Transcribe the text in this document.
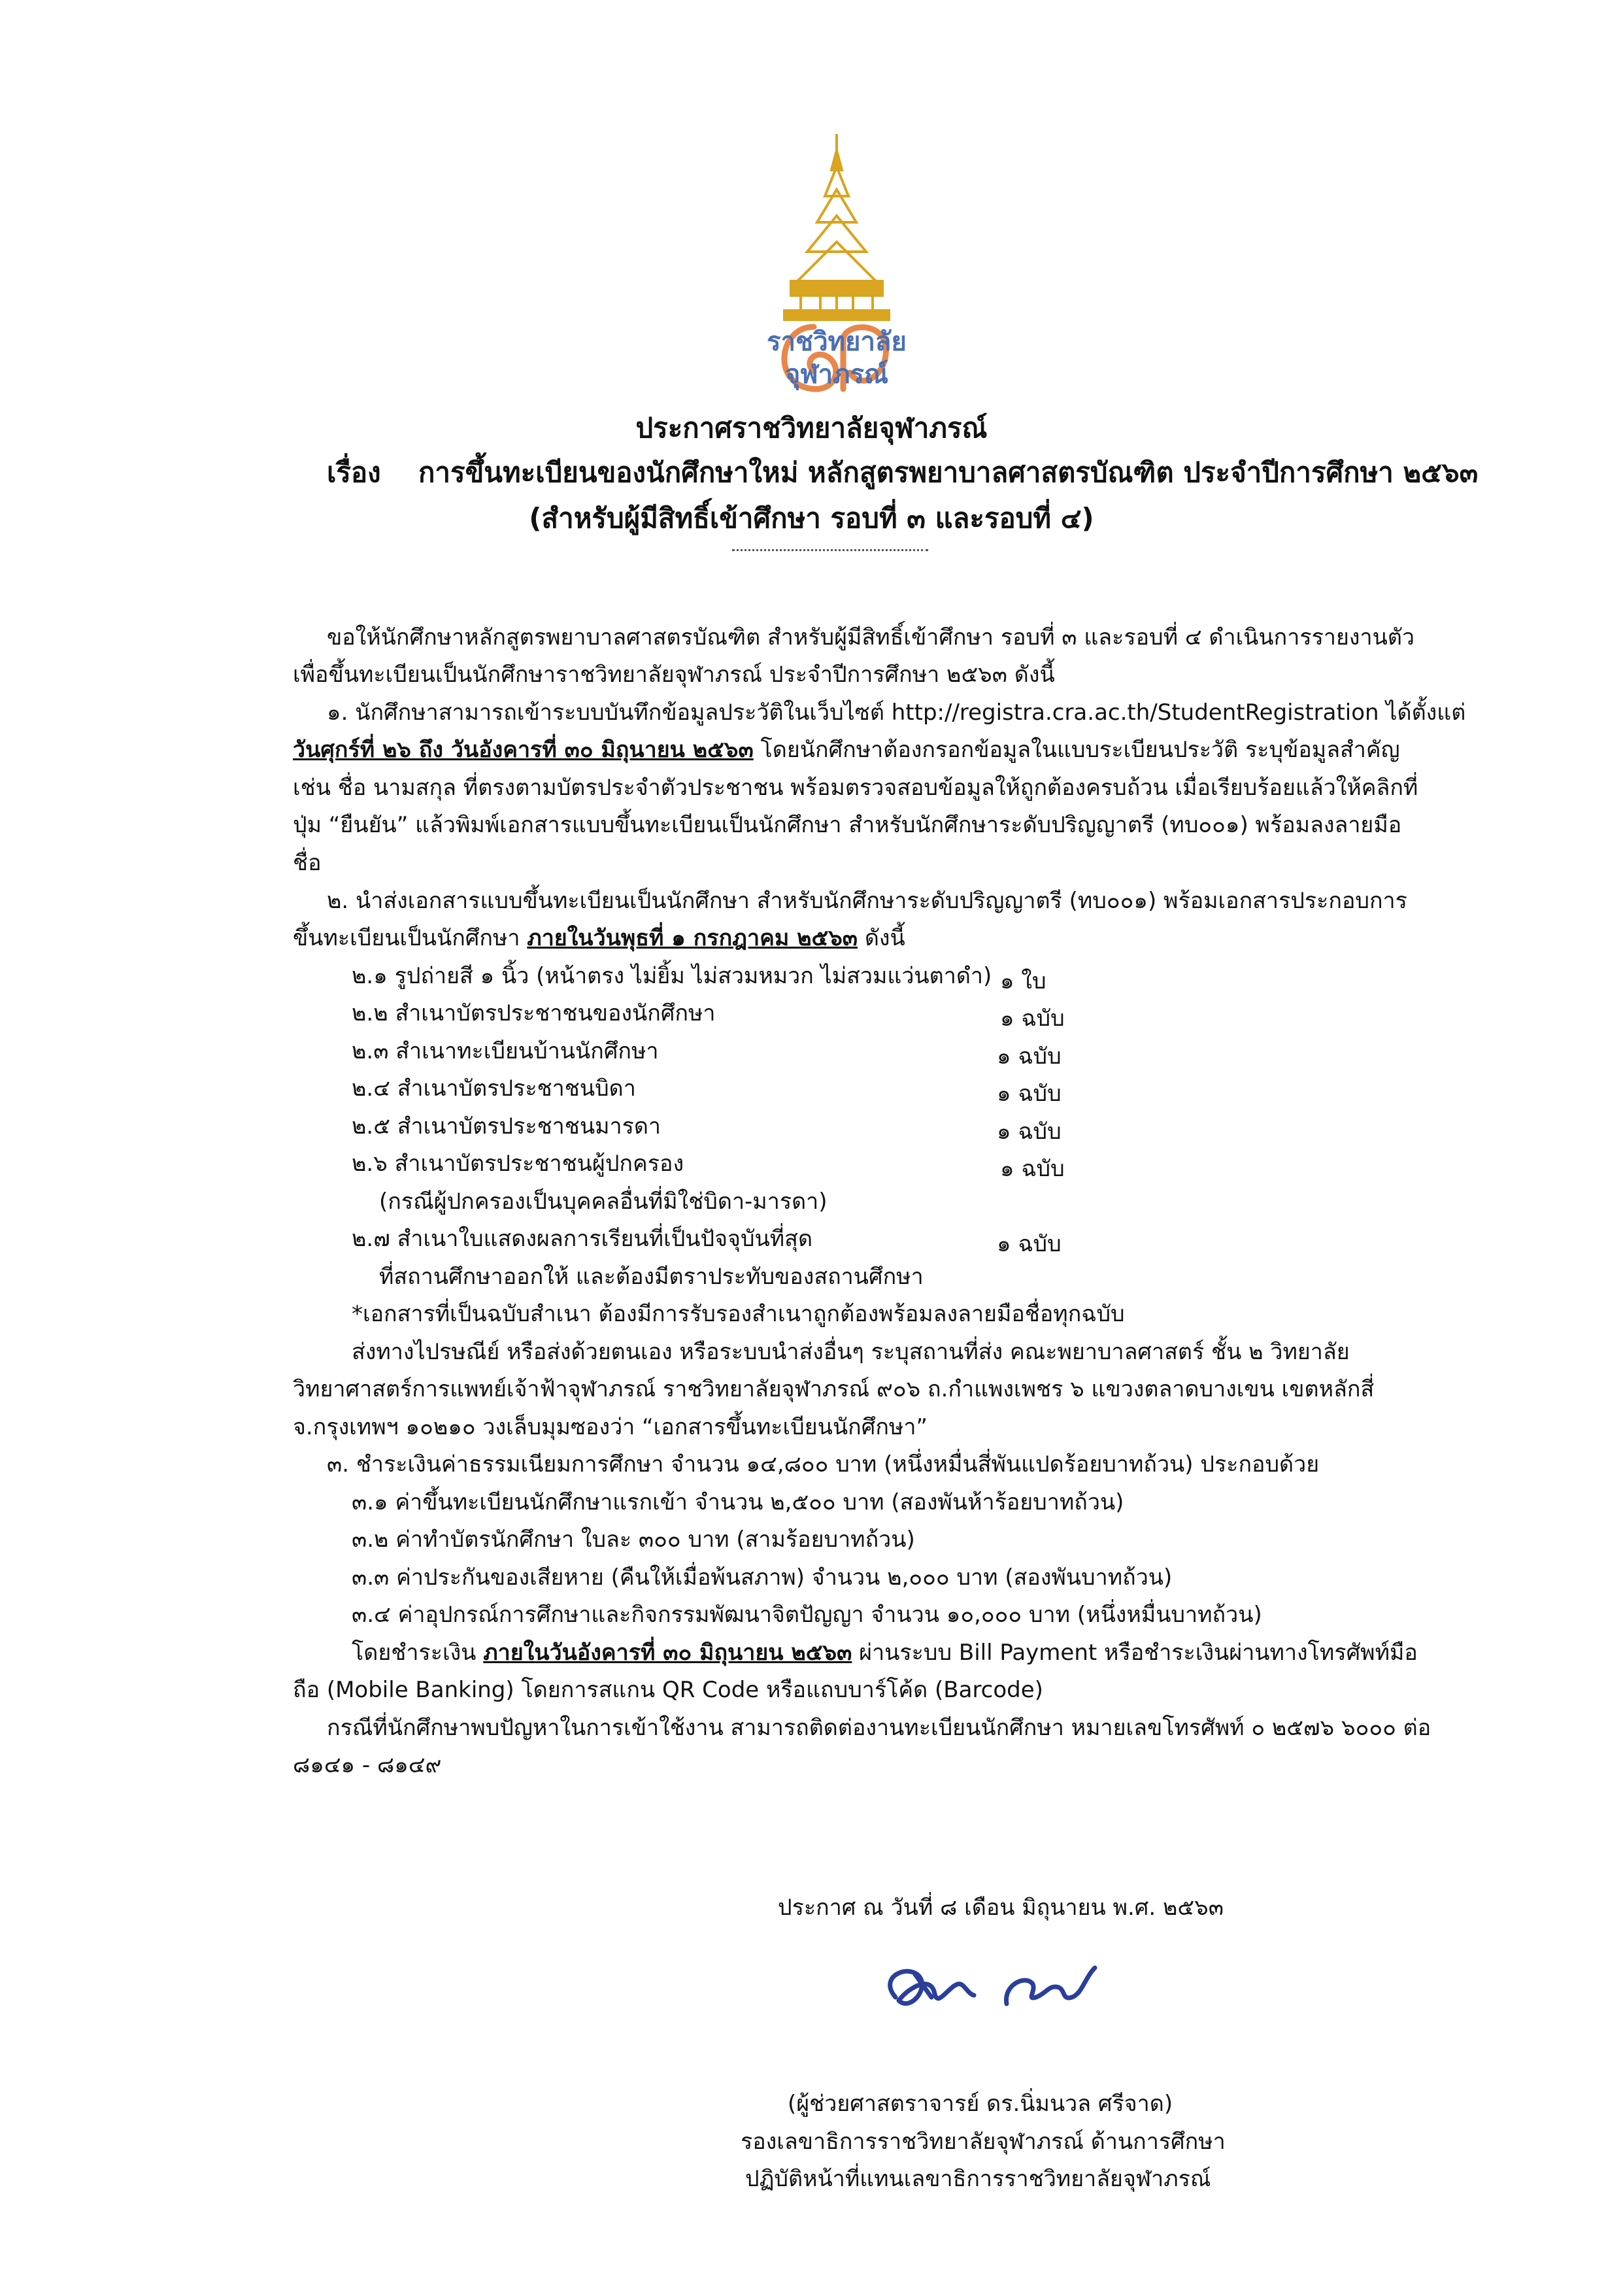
ราชวิทยาลัย
จุฬาภรณ์
ประกาศราชวิทยาลัยจุฬาภรณ์
เรื่อง การขึ้นทะเบียนของนักศึกษาใหม่ หลักสูตรพยาบาลศาสตรบัณฑิต ประจำปีการศึกษา ๒๕๖๓
(สำหรับผู้มีสิทธิ์เข้าศึกษา รอบที่ ๓ และรอบที่ ๔)
ขอให้นักศึกษาหลักสูตรพยาบาลศาสตรบัณฑิต สำหรับผู้มีสิทธิ์เข้าศึกษา รอบที่ ๓ และรอบที่ ๔ ดำเนินการรายงานตัว
เพื่อขึ้นทะเบียนเป็นนักศึกษาราชวิทยาลัยจุฬาภรณ์ ประจำปีการศึกษา ๒๕๖๓ ดังนี้
๑. นักศึกษาสามารถเข้าระบบบันทึกข้อมูลประวัติในเว็บไซต์ http://registra.cra.ac.th/StudentRegistration ได้ตั้งแต่
วันศุกร์ที่ ๒๖ ถึง วันอังคารที่ ๓๐ มิถุนายน ๒๕๖๓ โดยนักศึกษาต้องกรอกข้อมูลในแบบระเบียนประวัติ ระบุข้อมูลสำคัญ
เช่น ชื่อ นามสกุล ที่ตรงตามบัตรประจำตัวประชาชน พร้อมตรวจสอบข้อมูลให้ถูกต้องครบถ้วน เมื่อเรียบร้อยแล้วให้คลิกที่
ปุ่ม “ยืนยัน” แล้วพิมพ์เอกสารแบบขึ้นทะเบียนเป็นนักศึกษา สำหรับนักศึกษาระดับปริญญาตรี (ทบ๐๐๑) พร้อมลงลายมือ
ชื่อ
๒. นำส่งเอกสารแบบขึ้นทะเบียนเป็นนักศึกษา สำหรับนักศึกษาระดับปริญญาตรี (ทบ๐๐๑) พร้อมเอกสารประกอบการ
ขึ้นทะเบียนเป็นนักศึกษา ภายในวันพุธที่ ๑ กรกฎาคม ๒๕๖๓ ดังนี้
๒.๑ รูปถ่ายสี ๑ นิ้ว (หน้าตรง ไม่ยิ้ม ไม่สวมหมวก ไม่สวมแว่นตาดำ) ๑ ใบ
๒.๒ สำเนาบัตรประชาชนของนักศึกษา	๑ ฉบับ
๒.๓ สำเนาทะเบียนบ้านนักศึกษา	๑ ฉบับ
๒.๔ สำเนาบัตรประชาชนบิดา	๑ ฉบับ
๒.๕ สำเนาบัตรประชาชนมารดา	๑ ฉบับ
๒.๖ สำเนาบัตรประชาชนผู้ปกครอง	๑ ฉบับ
(กรณีผู้ปกครองเป็นบุคคลอื่นที่มิใช่บิดา-มารดา)
๒.๗ สำเนาใบแสดงผลการเรียนที่เป็นปัจจุบันที่สุด	๑ ฉบับ
ที่สถานศึกษาออกให้ และต้องมีตราประทับของสถานศึกษา
*เอกสารที่เป็นฉบับสำเนา ต้องมีการรับรองสำเนาถูกต้องพร้อมลงลายมือชื่อทุกฉบับ
ส่งทางไปรษณีย์ หรือส่งด้วยตนเอง หรือระบบนำส่งอื่นๆ ระบุสถานที่ส่ง คณะพยาบาลศาสตร์ ชั้น ๒ วิทยาลัย
วิทยาศาสตร์การแพทย์เจ้าฟ้าจุฬาภรณ์ ราชวิทยาลัยจุฬาภรณ์ ๙๐๖ ถ.กำแพงเพชร ๖ แขวงตลาดบางเขน เขตหลักสี่
จ.กรุงเทพฯ ๑๐๒๑๐ วงเล็บมุมซองว่า “เอกสารขึ้นทะเบียนนักศึกษา”
๓. ชำระเงินค่าธรรมเนียมการศึกษา จำนวน ๑๔,๘๐๐ บาท (หนึ่งหมื่นสี่พันแปดร้อยบาทถ้วน) ประกอบด้วย
๓.๑ ค่าขึ้นทะเบียนนักศึกษาแรกเข้า จำนวน ๒,๕๐๐ บาท (สองพันห้าร้อยบาทถ้วน)
๓.๒ ค่าทำบัตรนักศึกษา ใบละ ๓๐๐ บาท (สามร้อยบาทถ้วน)
๓.๓ ค่าประกันของเสียหาย (คืนให้เมื่อพ้นสภาพ) จำนวน ๒,๐๐๐ บาท (สองพันบาทถ้วน)
๓.๔ ค่าอุปกรณ์การศึกษาและกิจกรรมพัฒนาจิตปัญญา จำนวน ๑๐,๐๐๐ บาท (หนึ่งหมื่นบาทถ้วน)
โดยชำระเงิน ภายในวันอังคารที่ ๓๐ มิถุนายน ๒๕๖๓ ผ่านระบบ Bill Payment หรือชำระเงินผ่านทางโทรศัพท์มือ
ถือ (Mobile Banking) โดยการสแกน QR Code หรือแถบบาร์โค้ด (Barcode)
กรณีที่นักศึกษาพบปัญหาในการเข้าใช้งาน สามารถติดต่องานทะเบียนนักศึกษา หมายเลขโทรศัพท์ ๐ ๒๕๗๖ ๖๐๐๐ ต่อ
๘๑๔๑ - ๘๑๔๙
ประกาศ ณ วันที่ ๘ เดือน มิถุนายน พ.ศ. ๒๕๖๓
(ผู้ช่วยศาสตราจารย์ ดร.นิ่มนวล ศรีจาด)
รองเลขาธิการราชวิทยาลัยจุฬาภรณ์ ด้านการศึกษา
ปฏิบัติหน้าที่แทนเลขาธิการราชวิทยาลัยจุฬาภรณ์
